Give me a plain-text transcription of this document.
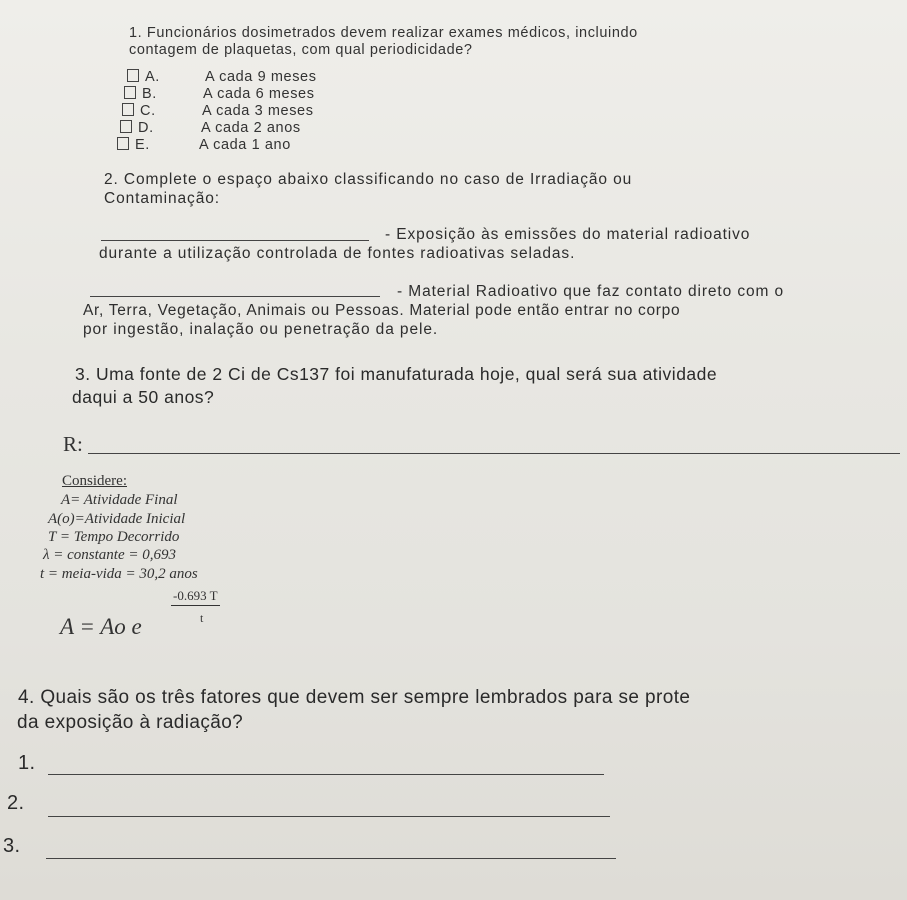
1. Funcionários dosimetrados devem realizar exames médicos, incluindo
contagem de plaquetas, com qual periodicidade?
A.	A cada 9 meses
B.	A cada 6 meses
C.	A cada 3 meses
D.	A cada 2 anos
E.	A cada 1 ano
2. Complete o espaço abaixo classificando no caso de Irradiação ou
Contaminação:
- Exposição às emissões do material radioativo
durante a utilização controlada de fontes radioativas seladas.
- Material Radioativo que faz contato direto com o
Ar, Terra, Vegetação, Animais ou Pessoas. Material pode então entrar no corpo
por ingestão, inalação ou penetração da pele.
3. Uma fonte de 2 Ci de Cs137 foi manufaturada hoje, qual será sua atividade
daqui a 50 anos?
R:
Considere:
A= Atividade Final
A(o)=Atividade Inicial
T = Tempo Decorrido
λ = constante = 0,693
t = meia-vida = 30,2 anos
A = Ao e
-0.693 T
t
4. Quais são os três fatores que devem ser sempre lembrados para se prote
da exposição à radiação?
1.
2.
3.
